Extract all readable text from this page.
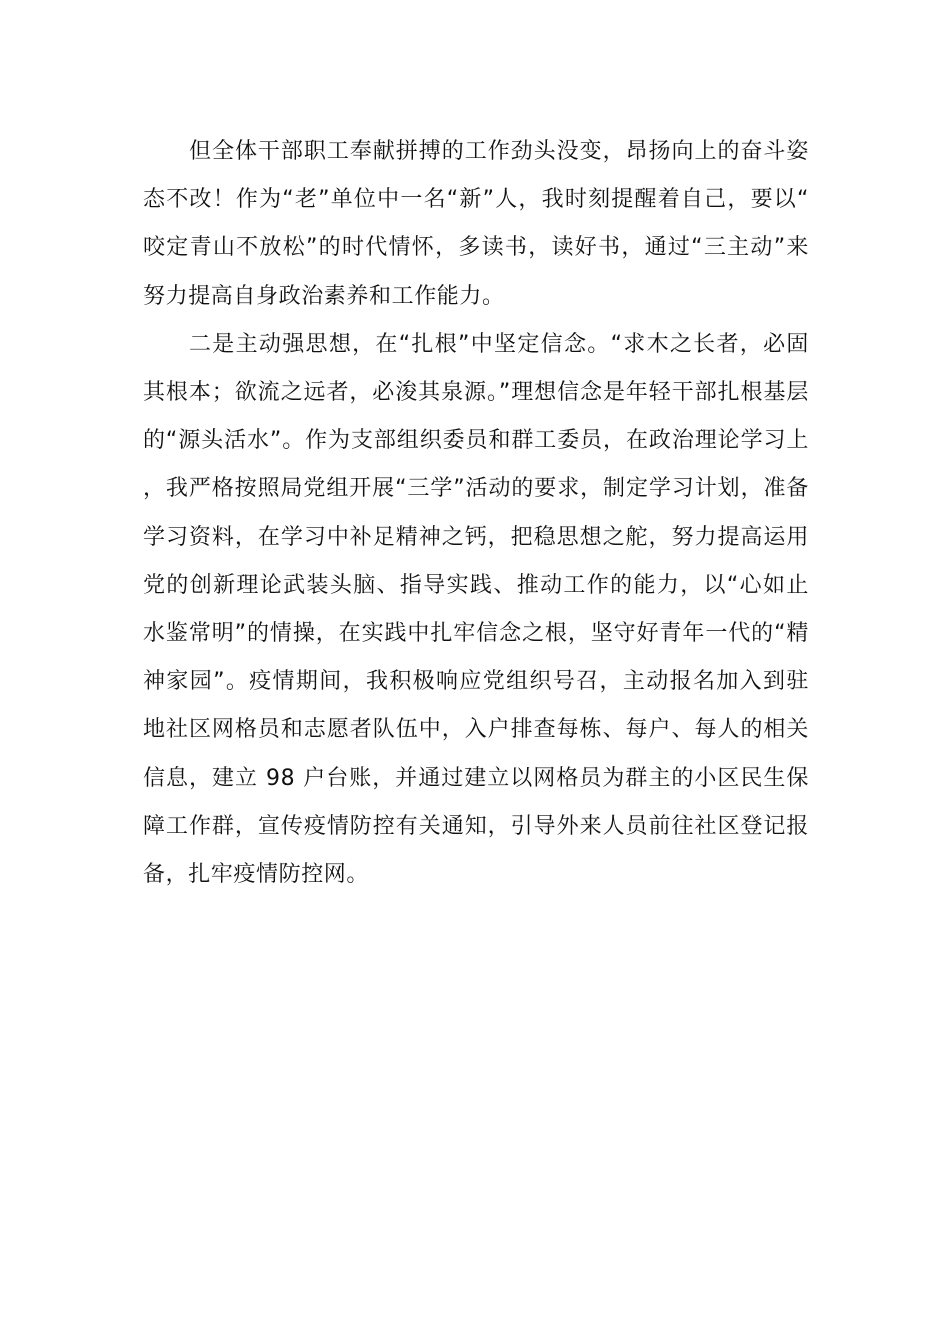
但全体干部职工奉献拼搏的工作劲头没变，昂扬向上的奋斗姿态不改！作为“老”单位中一名“新”人，我时刻提醒着自己，要以“咬定青山不放松”的时代情怀，多读书，读好书，通过“三主动”来努力提高自身政治素养和工作能力。

二是主动强思想，在“扎根”中坚定信念。“求木之长者，必固其根本；欲流之远者，必浚其泉源。”理想信念是年轻干部扎根基层的“源头活水”。作为支部组织委员和群工委员，在政治理论学习上，我严格按照局党组开展“三学”活动的要求，制定学习计划，准备学习资料，在学习中补足精神之钙，把稳思想之舵，努力提高运用党的创新理论武装头脑、指导实践、推动工作的能力，以“心如止水鉴常明”的情操，在实践中扎牢信念之根，坚守好青年一代的“精神家园”。疫情期间，我积极响应党组织号召，主动报名加入到驻地社区网格员和志愿者队伍中，入户排查每栋、每户、每人的相关信息，建立 98 户台账，并通过建立以网格员为群主的小区民生保障工作群，宣传疫情防控有关通知，引导外来人员前往社区登记报备，扎牢疫情防控网。
